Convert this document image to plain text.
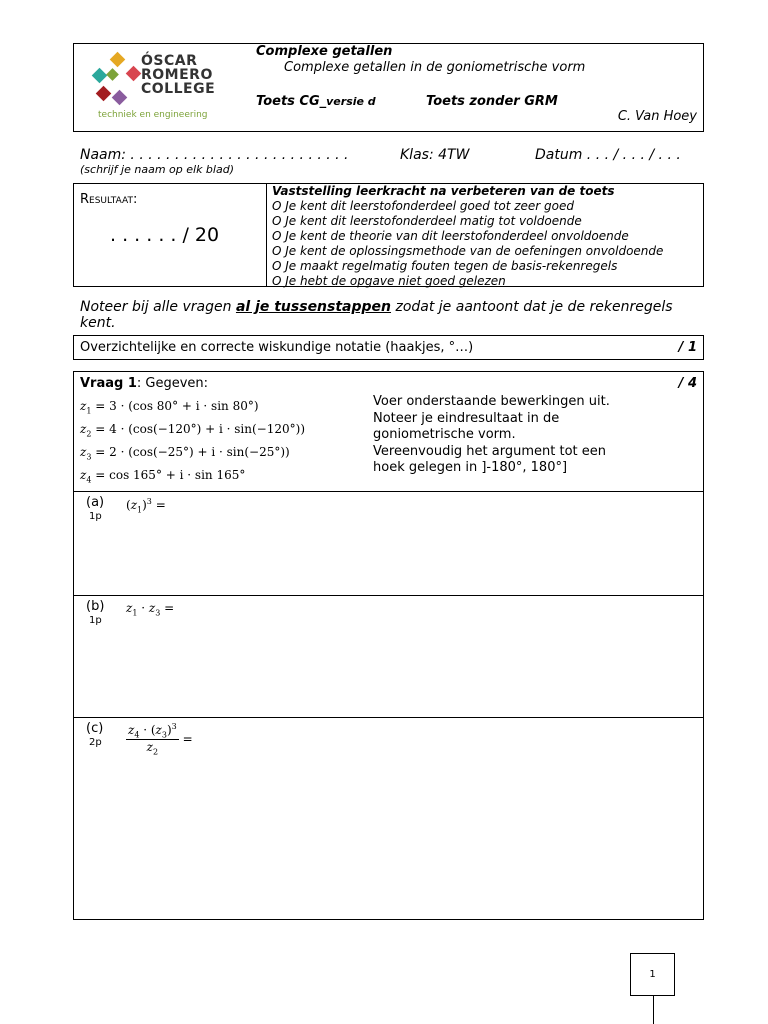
ÓSCAR
ROMERO
COLLEGE
techniek en engineering
Complexe getallen
Complexe getallen in de goniometrische vorm
Toets CG_versie d	Toets zonder GRM
C. Van Hoey
Naam: . . . . . . . . . . . . . . . . . . . . . . . . .
(schrijf je naam op elk blad)
Klas: 4TW	Datum . . . / . . . / . . .
Resultaat:
. . . . . . / 20
Vaststelling leerkracht na verbeteren van de toets
O Je kent dit leerstofonderdeel goed tot zeer goed
O Je kent dit leerstofonderdeel matig tot voldoende
O Je kent de theorie van dit leerstofonderdeel onvoldoende
O Je kent de oplossingsmethode van de oefeningen onvoldoende
O Je maakt regelmatig fouten tegen de basis-rekenregels
O Je hebt de opgave niet goed gelezen
Noteer bij alle vragen al je tussenstappen zodat je aantoont dat je de rekenregels kent.
Overzichtelijke en correcte wiskundige notatie (haakjes, °…)	/ 1
Vraag 1: Gegeven:	/ 4
$z_1 = 3 \cdot (\cos$ 80° + i · sin 80°)
$z_2 = 4 \cdot (\cos(-120^\circ) + i \cdot \sin(-120^\circ))$
$z_3 = 2 \cdot (\cos(-25^\circ) + i \cdot \sin(-25^\circ))$
$z_4 = \cos 165^\circ + i \cdot \sin 165^\circ$
Voer onderstaande bewerkingen uit.
Noteer je eindresultaat in de goniometrische vorm.
Vereenvoudig het argument tot een hoek gelegen in ]-180°, 180°]
(a)
1p
$(z_1)^3$ =
(b)
1p
$z_1 \cdot z_3$ =
(c)
$2p \frac{z_4 \cdot (z_3)^3}{z_2}$ =
1
